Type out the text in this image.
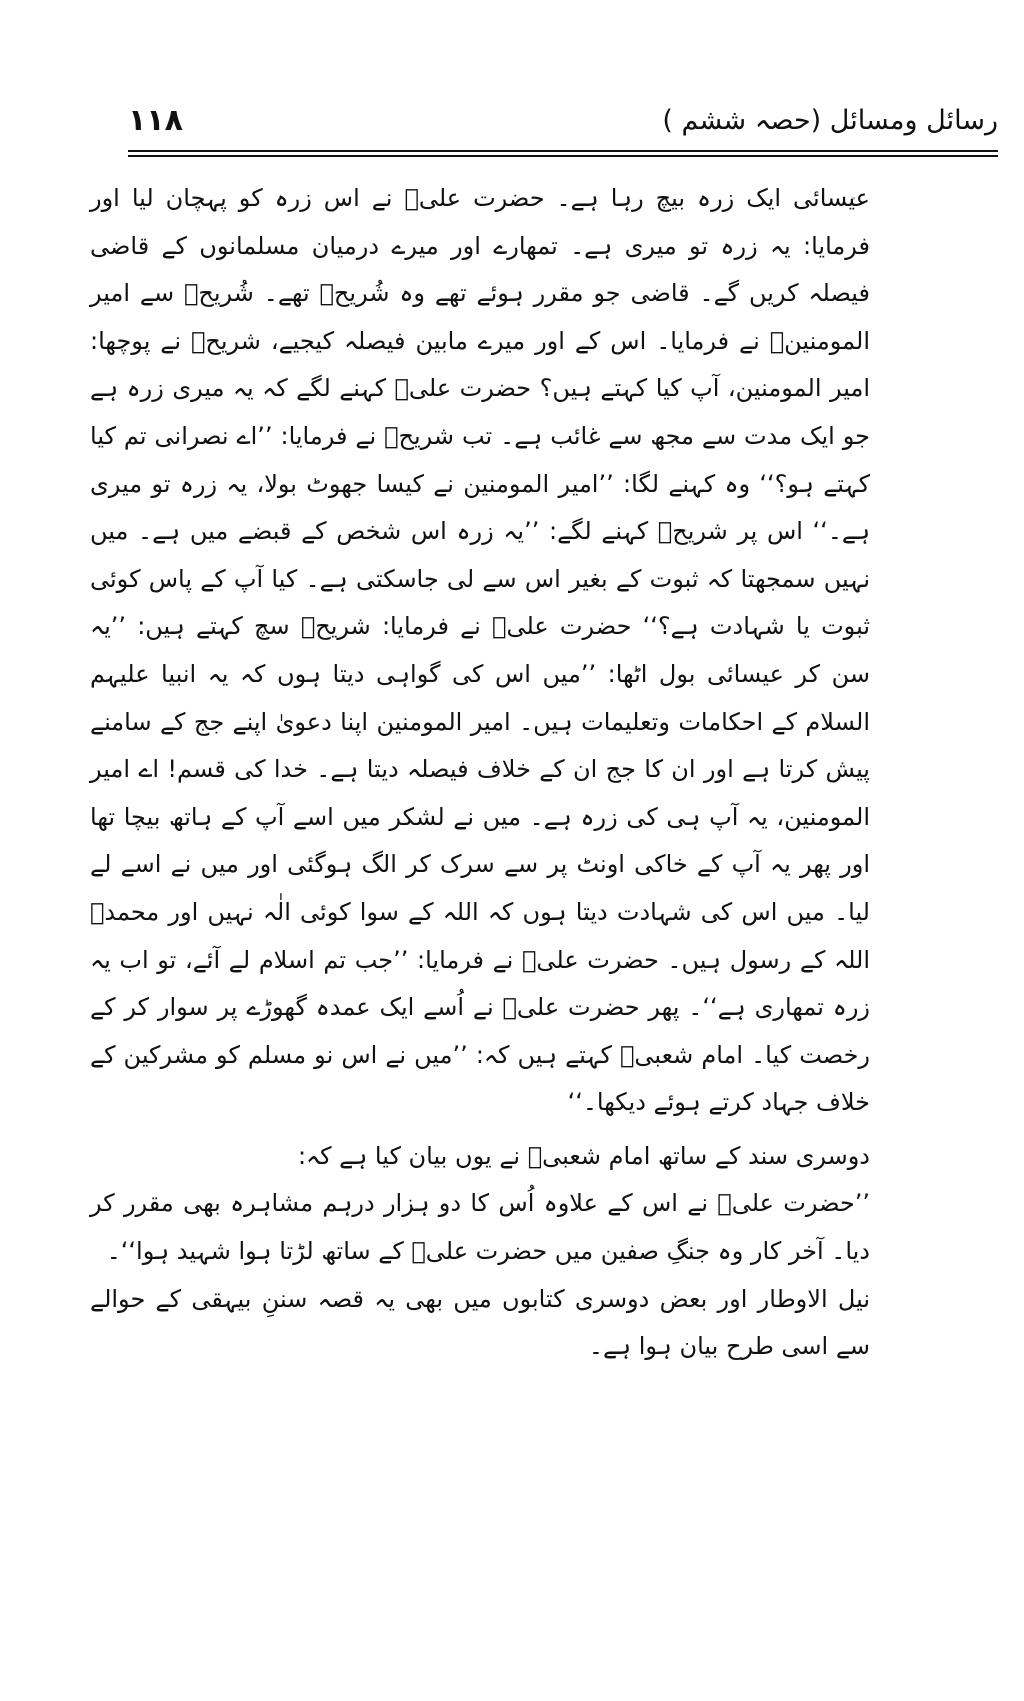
۱۱۸	رسائل ومسائل (حصہ ششم )

عیسائی ایک زرہ بیچ رہا ہے۔ حضرت علیؓ نے اس زرہ کو پہچان لیا اور فرمایا: یہ زرہ تو میری ہے۔ تمھارے اور میرے درمیان مسلمانوں کے قاضی فیصلہ کریں گے۔ قاضی جو مقرر ہوئے تھے وہ شُریحؒ تھے۔ شُریحؒ سے امیر المومنینؓ نے فرمایا۔ اس کے اور میرے مابین فیصلہ کیجیے، شریحؒ نے پوچھا: امیر المومنین، آپ کیا کہتے ہیں؟ حضرت علیؓ کہنے لگے کہ یہ میری زرہ ہے جو ایک مدت سے مجھ سے غائب ہے۔ تب شریحؒ نے فرمایا: ’’اے نصرانی تم کیا کہتے ہو؟‘‘ وہ کہنے لگا: ’’امیر المومنین نے کیسا جھوٹ بولا، یہ زرہ تو میری ہے۔‘‘ اس پر شریحؒ کہنے لگے: ’’یہ زرہ اس شخص کے قبضے میں ہے۔ میں نہیں سمجھتا کہ ثبوت کے بغیر اس سے لی جاسکتی ہے۔ کیا آپ کے پاس کوئی ثبوت یا شہادت ہے؟‘‘ حضرت علیؓ نے فرمایا: شریحؒ سچ کہتے ہیں: ’’یہ سن کر عیسائی بول اٹھا: ’’میں اس کی گواہی دیتا ہوں کہ یہ انبیا علیہم السلام کے احکامات وتعلیمات ہیں۔ امیر المومنین اپنا دعویٰ اپنے جج کے سامنے پیش کرتا ہے اور ان کا جج ان کے خلاف فیصلہ دیتا ہے۔ خدا کی قسم! اے امیر المومنین، یہ آپ ہی کی زرہ ہے۔ میں نے لشکر میں اسے آپ کے ہاتھ بیچا تھا اور پھر یہ آپ کے خاکی اونٹ پر سے سرک کر الگ ہوگئی اور میں نے اسے لے لیا۔ میں اس کی شہادت دیتا ہوں کہ اللہ کے سوا کوئی الٰہ نہیں اور محمدؐ اللہ کے رسول ہیں۔ حضرت علیؓ نے فرمایا: ’’جب تم اسلام لے آئے، تو اب یہ زرہ تمھاری ہے‘‘۔ پھر حضرت علیؓ نے اُسے ایک عمدہ گھوڑے پر سوار کر کے رخصت کیا۔ امام شعبیؒ کہتے ہیں کہ: ’’میں نے اس نو مسلم کو مشرکین کے خلاف جہاد کرتے ہوئے دیکھا۔‘‘

دوسری سند کے ساتھ امام شعبیؒ نے یوں بیان کیا ہے کہ:

’’حضرت علیؓ نے اس کے علاوہ اُس کا دو ہزار درہم مشاہرہ بھی مقرر کر دیا۔ آخر کار وہ جنگِ صفین میں حضرت علیؓ کے ساتھ لڑتا ہوا شہید ہوا‘‘۔

نیل الاوطار اور بعض دوسری کتابوں میں بھی یہ قصہ سننِ بیہقی کے حوالے سے اسی طرح بیان ہوا ہے۔
